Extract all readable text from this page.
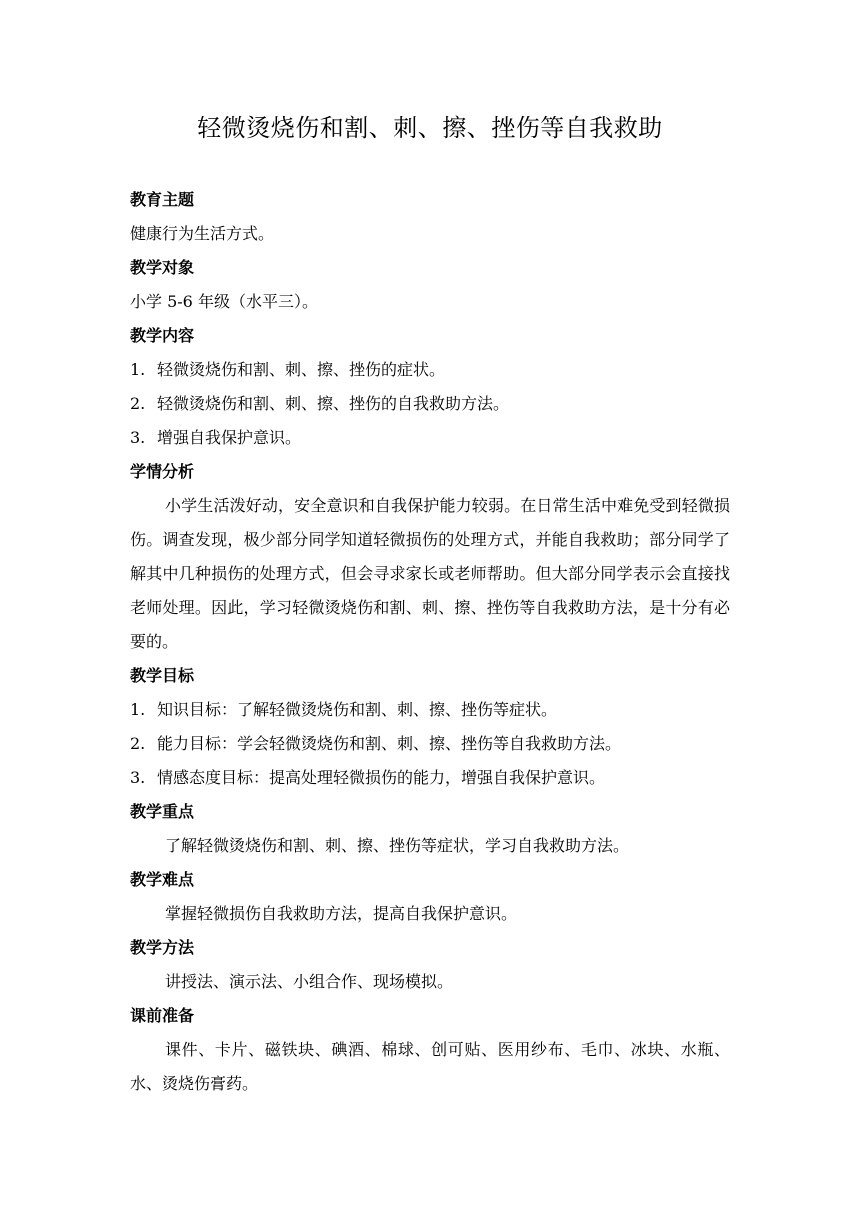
轻微烫烧伤和割、刺、擦、挫伤等自我救助
教育主题
健康行为生活方式。
教学对象
小学 5-6 年级（水平三）。
教学内容
1. 轻微烫烧伤和割、刺、擦、挫伤的症状。
2. 轻微烫烧伤和割、刺、擦、挫伤的自我救助方法。
3. 增强自我保护意识。
学情分析
小学生活泼好动，安全意识和自我保护能力较弱。在日常生活中难免受到轻微损伤。调查发现，极少部分同学知道轻微损伤的处理方式，并能自我救助；部分同学了解其中几种损伤的处理方式，但会寻求家长或老师帮助。但大部分同学表示会直接找老师处理。因此，学习轻微烫烧伤和割、刺、擦、挫伤等自我救助方法，是十分有必要的。
教学目标
1. 知识目标：了解轻微烫烧伤和割、刺、擦、挫伤等症状。
2. 能力目标：学会轻微烫烧伤和割、刺、擦、挫伤等自我救助方法。
3. 情感态度目标：提高处理轻微损伤的能力，增强自我保护意识。
教学重点
了解轻微烫烧伤和割、刺、擦、挫伤等症状，学习自我救助方法。
教学难点
掌握轻微损伤自我救助方法，提高自我保护意识。
教学方法
讲授法、演示法、小组合作、现场模拟。
课前准备
课件、卡片、磁铁块、碘酒、棉球、创可贴、医用纱布、毛巾、冰块、水瓶、水、烫烧伤膏药。
